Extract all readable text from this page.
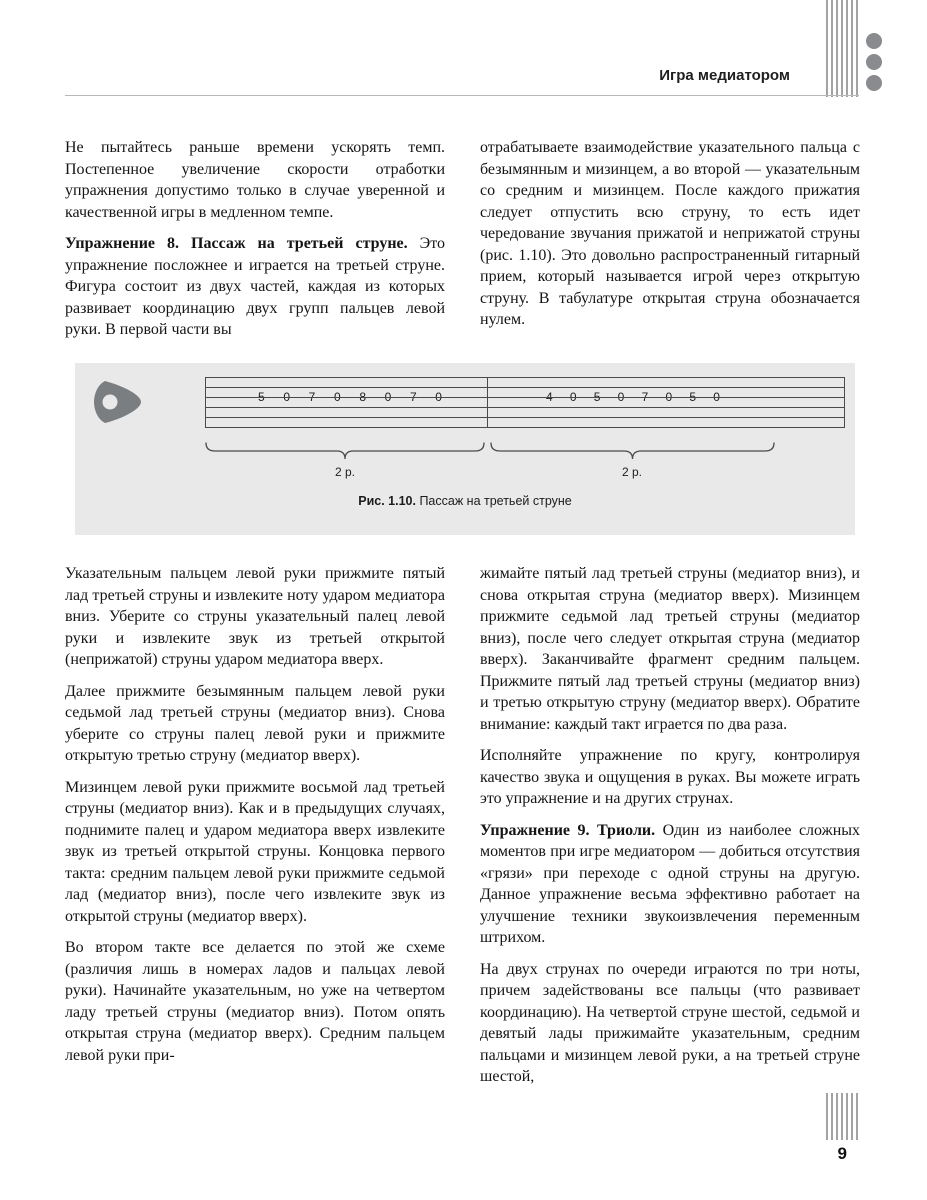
Игра медиатором

Не пытайтесь раньше времени ускорять темп. Постепенное увеличение скорости отработки упражнения допустимо только в случае уверенной и качественной игры в медленном темпе.

Упражнение 8. Пассаж на третьей струне. Это упражнение посложнее и играется на третьей струне. Фигура состоит из двух частей, каждая из которых развивает координацию двух групп пальцев левой руки. В первой части вы

отрабатываете взаимодействие указательного пальца с безымянным и мизинцем, а во второй — указательным со средним и мизинцем. После каждого прижатия следует отпустить всю струну, то есть идет чередование звучания прижатой и неприжатой струны (рис. 1.10). Это довольно распространенный гитарный прием, который называется игрой через открытую струну. В табулатуре открытая струна обозначается нулем.

2 р.	2 р.
Рис. 1.10. Пассаж на третьей струне

Указательным пальцем левой руки прижмите пятый лад третьей струны и извлеките ноту ударом медиатора вниз. Уберите со струны указательный палец левой руки и извлеките звук из третьей открытой (неприжатой) струны ударом медиатора вверх.

Далее прижмите безымянным пальцем левой руки седьмой лад третьей струны (медиатор вниз). Снова уберите со струны палец левой руки и прижмите открытую третью струну (медиатор вверх).

Мизинцем левой руки прижмите восьмой лад третьей струны (медиатор вниз). Как и в предыдущих случаях, поднимите палец и ударом медиатора вверх извлеките звук из третьей открытой струны. Концовка первого такта: средним пальцем левой руки прижмите седьмой лад (медиатор вниз), после чего извлеките звук из открытой струны (медиатор вверх).

Во втором такте все делается по этой же схеме (различия лишь в номерах ладов и пальцах левой руки). Начинайте указательным, но уже на четвертом ладу третьей струны (медиатор вниз). Потом опять открытая струна (медиатор вверх). Средним пальцем левой руки при-

жимайте пятый лад третьей струны (медиатор вниз), и снова открытая струна (медиатор вверх). Мизинцем прижмите седьмой лад третьей струны (медиатор вниз), после чего следует открытая струна (медиатор вверх). Заканчивайте фрагмент средним пальцем. Прижмите пятый лад третьей струны (медиатор вниз) и третью открытую струну (медиатор вверх). Обратите внимание: каждый такт играется по два раза.

Исполняйте упражнение по кругу, контролируя качество звука и ощущения в руках. Вы можете играть это упражнение и на других струнах.

Упражнение 9. Триоли. Один из наиболее сложных моментов при игре медиатором — добиться отсутствия «грязи» при переходе с одной струны на другую. Данное упражнение весьма эффективно работает на улучшение техники звукоизвлечения переменным штрихом.

На двух струнах по очереди играются по три ноты, причем задействованы все пальцы (что развивает координацию). На четвертой струне шестой, седьмой и девятый лады прижимайте указательным, средним пальцами и мизинцем левой руки, а на третьей струне шестой,

9
